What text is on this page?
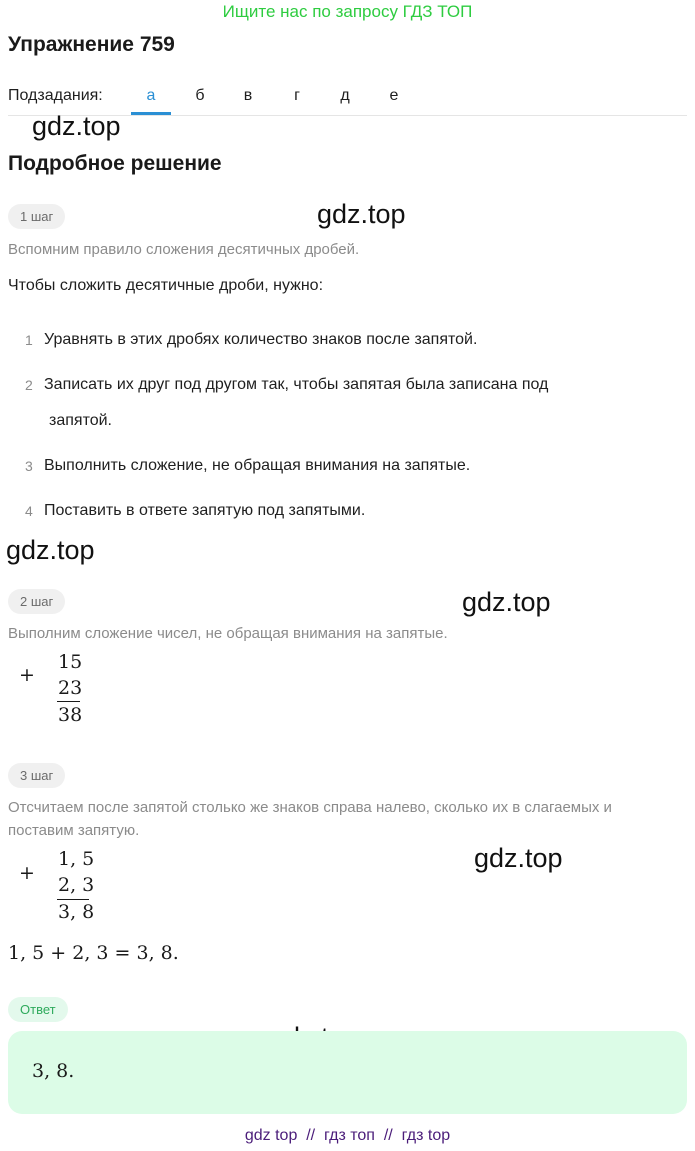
Ищите нас по запросу ГДЗ ТОП
Упражнение 759
Подзадания:	а	б	в	г	д	е
gdz.top
gdz.top
gdz.top
gdz.top
gdz.top
Подробное решение
1 шаг
Вспомним правило сложения десятичных дробей.
Чтобы сложить десятичные дроби, нужно:
1 Уравнять в этих дробях количество знаков после запятой.
2 Записать их друг под другом так, чтобы запятая была записана под
запятой.
3 Выполнить сложение, не обращая внимания на запятые.
4 Поставить в ответе запятую под запятыми.
2 шаг
Выполним сложение чисел, не обращая внимания на запятые.
+
15
23
38
3 шаг
Отсчитаем после запятой столько же знаков справа налево, сколько их в слагаемых и
поставим запятую.
+
1, 5
2, 3
3, 8
1, 5 + 2, 3 = 3, 8.
Ответ
3, 8.
gdz top // гдз топ // гдз top
